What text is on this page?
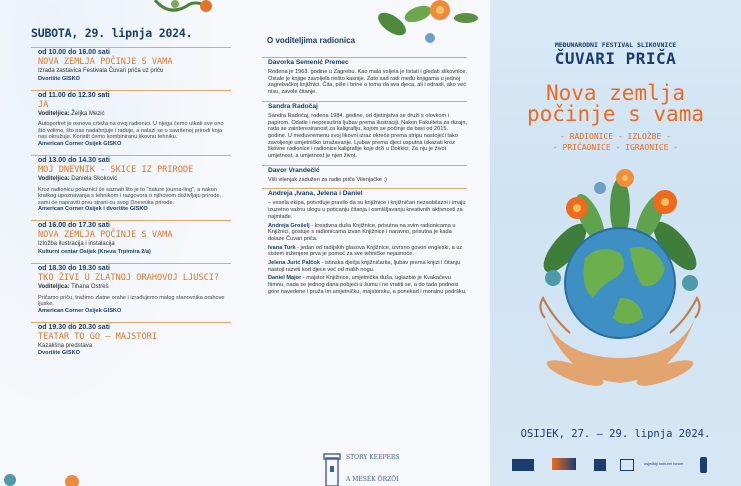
SUBOTA, 29. lipnja 2024.
od 10.00 do 16.00 sati
NOVA ZEMLJA POČINJE S VAMA
Izrada zastavica Festivala Čuvari priča uz priču
Dvorište GISKO
od 11.00 do 12.30 sati
JA
Voditeljica: Željka Mezić
Autoportret je osnova crteža na ovoj radionici. U njega ćemo utkati sve ono što volimo, što nas nadahnjuje i raduje, a nalazi se u savršenoj prirodi koja nas okružuje. Koristit ćemo kombiniranu likovnu tehniku.
American Corner Osijek GISKO
od 13.00 do 14.30 sati
MOJ DNEVNIK - SKICE IZ PRIRODE
Voditeljica: Daniela Skoković
Kroz radionicu polaznici će saznati što je to "nature journa-ling", a nakon kratkog upoznavanja s tehnikom i razgovora o njihovom doživljaju prirode, sami će napraviti prvu strani-cu svog Dnevnika prirode.
American Corner Osijek i dvorište GISKO
od 16.00 do 17.30 sati
NOVA ZEMLJA POČINJE S VAMA
Izložba ilustracija i instalacija
Kulturni centar Osijek (Kneza Trpimira 2/a)
od 18.30 do 19.30 sati
TKO ŽIVI U ZLATNOJ ORAHOVOJ LJUSCI?
Voditeljica: Tihana Ostreš
Pričamo priču, tražimo zlatne orahe i izrađujemo malog stanovnika orahove ljuske.
American Corner Osijek GISKO
od 19.30 do 20.30 sati
TEATAR TO GO – MAJSTORI
Kazališna predstava
Dvorište GISKO
O voditeljima radionica
Davorka Semenić Premec
Rođena je 1963. godine u Zagrebu. Kao mala voljela je listati i gledati slikovnice. Ostale je knjige zavoljela nešto kasnije. Zato sad radi među knjigama u jednoj zagrebačkoj knjižnici. Čita, piše i brine o toma da sva djeca, ali i odrasli, ako već nisu, zavole čitanje.
Sandra Radočaj
Sandra Radočaj, rođena 1984. godine, od djetinjstva se druži s olovkom i papirom. Odatle i nepresušna ljubav prema ilustraciji. Nakon Fakulteta za dizajn, rada se zainteresiranost za kaligrafiju, kojom se počinje da bavi od 2015. godine. U međuvremenu svoj likovni izraz okreće prema stripu nastojeći tako zavoljenje umjetničko izražavanje. Ljubav prema djeci usputna iskazati kroz likovne radionice i radionice kaligrafije koje drži u Dokkici. Za nju je život umjetnost, a umjetnost je njen život.
Davor Vrandečić
Viši vilenjak zadužen za radio priče Vilenjačke :)
Andreja ,Ivana, Jelena i Daniel
– vesela ekipa, potvrđuje pravilo da su knjižnice i knjižničari nezaobilazni i imaju izuzetno važnu ulogu u poticanju čitanja i osmišljavanju kreativnih aktivnosti za najmlađe.
Andreja Grošelj - kreativna duša Knjižnice, prisutna na svim radionicama u Knjižnici, gostuje s radionicama izvan Knjižnice i naravno, prisutna je kada dolaze Čuvari priča.
Ivana Turk - jedan od radijskih glasova Knjižnice, izvrsno govori engleski, a uz sistem inženjere prva je pomoć za sve tehničke nejasnoće.
Jelena Jurić Palčok - istinska dječja knjižničarka, ljubav prema knjizi i čitanju nastoji razviti kod djece već od malih nogu.
Daniel Major - majstor Knjižnice, umjetnička duša, uglazbio je Kvakačevu himnu, nada se jednog dana pobjeći u šumu i ne vratiti se, a do tada podnosi gore navedene i pruža im umjetničku, majstorsku, a ponekad i moralnu podršku.
STORY KEEPERS
A MESÉK ŐRZŐI
MEĐUNARODNI FESTIVAL SLIKOVNICE
ČUVARI PRIČA
Nova zemlja
počinje s vama
- RADIONICE - IZLOŽBE -
- PRIČAONICE - IGRAONICE -
OSIJEK, 27. – 29. lipnja 2024.
osječkiji kulturni forum
